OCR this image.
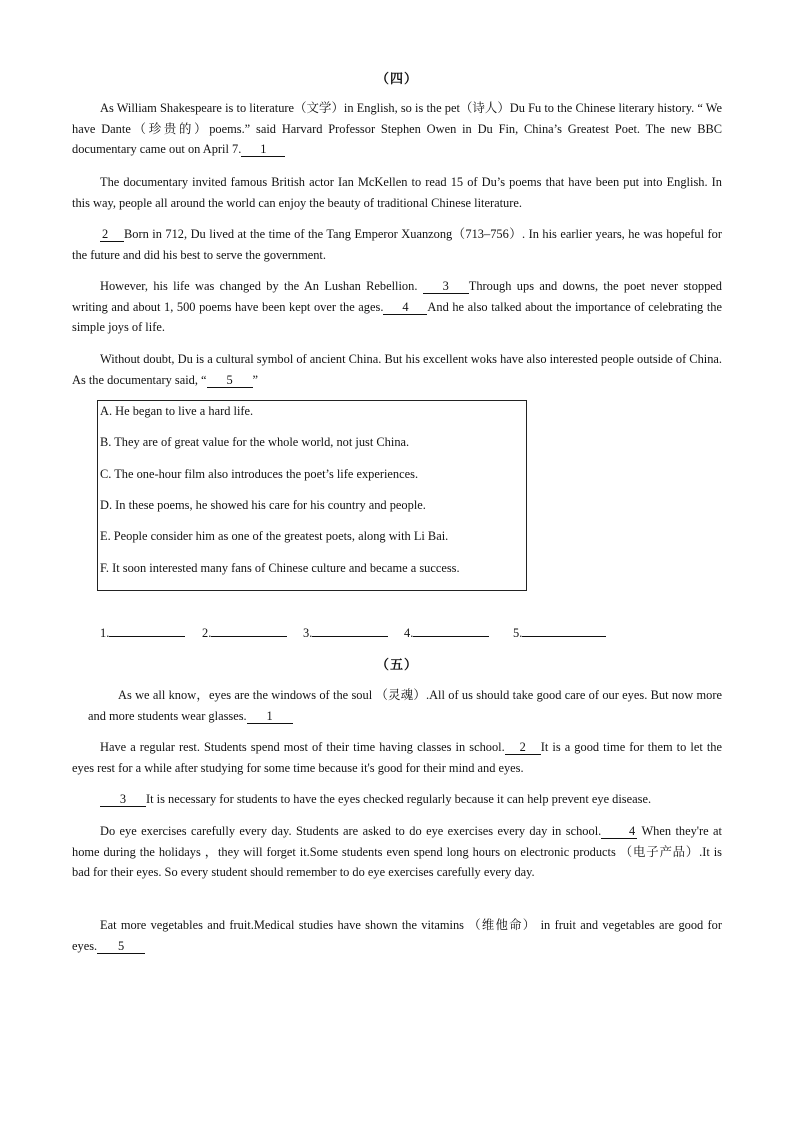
（四）
As William Shakespeare is to literature（文学）in English, so is the pet（诗人）Du Fu to the Chinese literary history. “ We have Dante（珍贵的）poems.” said Harvard Professor Stephen Owen in Du Fin, China’s Greatest Poet. The new BBC documentary came out on April 7. 1
The documentary invited famous British actor Ian McKellen to read 15 of Du’s poems that have been put into English. In this way, people all around the world can enjoy the beauty of traditional Chinese literature.
2 Born in 712, Du lived at the time of the Tang Emperor Xuanzong（713–756）. In his earlier years, he was hopeful for the future and did his best to serve the government.
However, his life was changed by the An Lushan Rebellion. 3 Through ups and downs, the poet never stopped writing and about 1, 500 poems have been kept over the ages. 4 And he also talked about the importance of celebrating the simple joys of life.
Without doubt, Du is a cultural symbol of ancient China. But his excellent woks have also interested people outside of China. As the documentary said, “ 5 ”
A. He began to live a hard life.
B. They are of great value for the whole world, not just China.
C. The one-hour film also introduces the poet’s life experiences.
D. In these poems, he showed his care for his country and people.
E. People consider him as one of the greatest poets, along with Li Bai.
F. It soon interested many fans of Chinese culture and became a success.
1.	2.	3.	4.	5.
（五）
As we all know，eyes are the windows of the soul （灵魂）.All of us should take good care of our eyes. But now more and more students wear glasses. 1
Have a regular rest. Students spend most of their time having classes in school. 2 It is a good time for them to let the eyes rest for a while after studying for some time because it's good for their mind and eyes.
3 It is necessary for students to have the eyes checked regularly because it can help prevent eye disease.
Do eye exercises carefully every day. Students are asked to do eye exercises every day in school. 4 When they're at home during the holidays ，they will forget it.Some students even spend long hours on electronic products （电子产品）.It is bad for their eyes. So every student should remember to do eye exercises carefully every day.
Eat more vegetables and fruit.Medical studies have shown the vitamins （维他命） in fruit and vegetables are good for eyes. 5
